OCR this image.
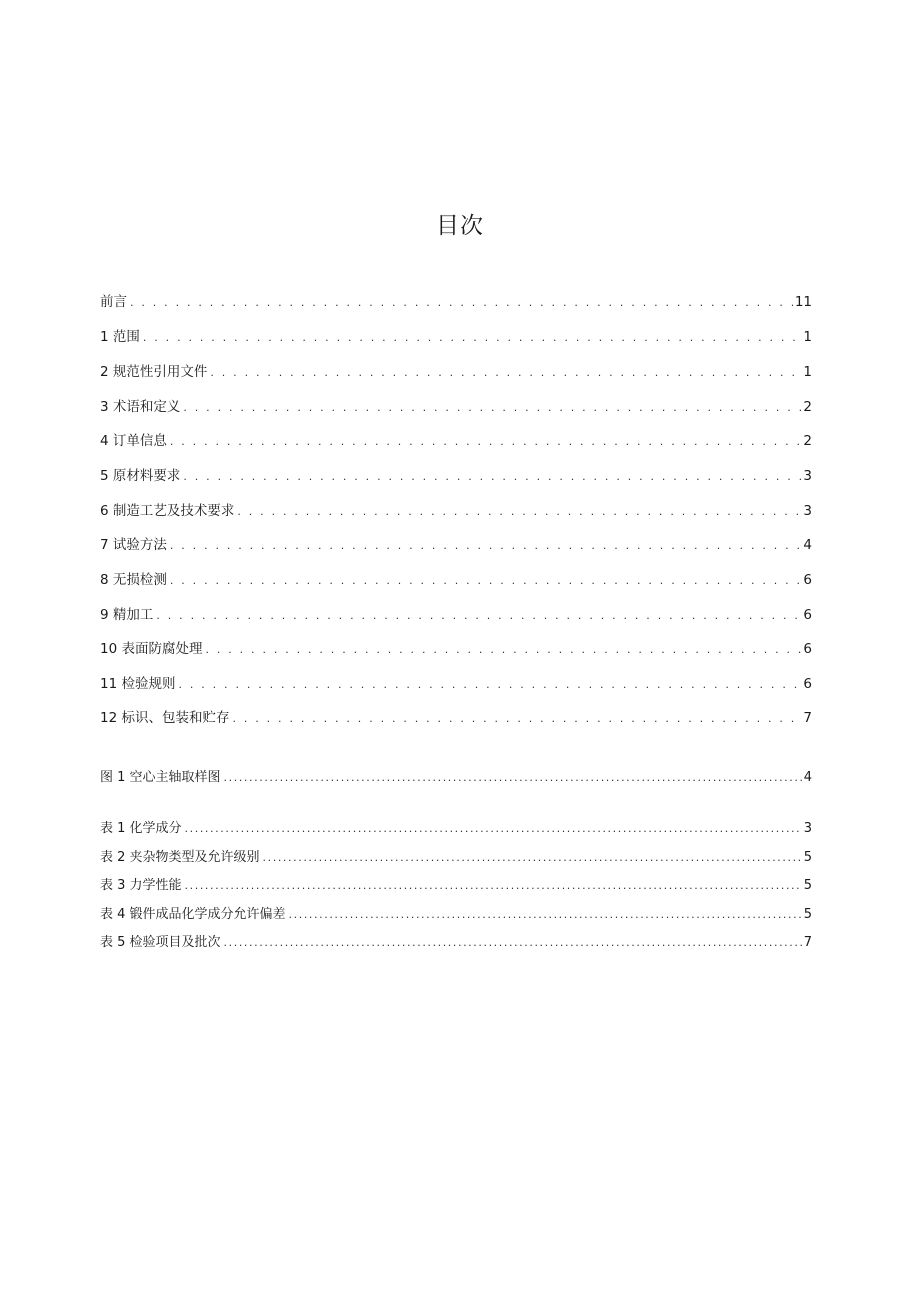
目次
前言 . . .	11
1 范围 . . .	1
2 规范性引用文件 . . .	1
3 术语和定义 . . .	2
4 订单信息 . . .	2
5 原材料要求 . . .	3
6 制造工艺及技术要求 . . .	3
7 试验方法 . . .	4
8 无损检测 . . .	6
9 精加工 . . .	6
10 表面防腐处理 . . .	6
11 检验规则 . . .	6
12 标识、包装和贮存 . . .	7
图 1 空心主轴取样图 .....	4
表 1 化学成分 .....	3
表 2 夹杂物类型及允许级别 .....	5
表 3 力学性能 .....	5
表 4 锻件成品化学成分允许偏差 .....	5
表 5 检验项目及批次 .....	7
